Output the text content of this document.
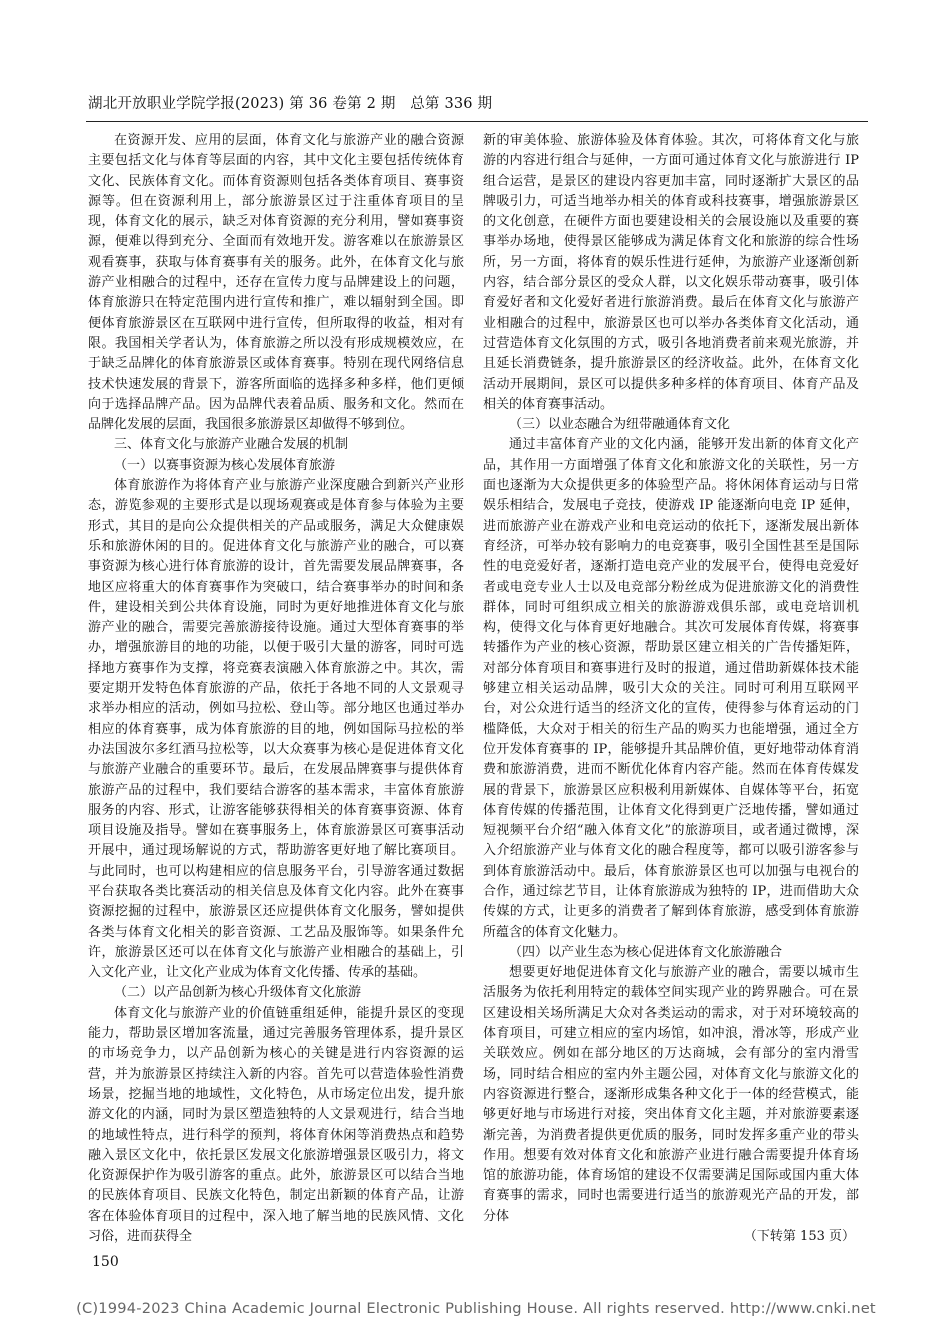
湖北开放职业学院学报(2023) 第 36 卷第 2 期　总第 336 期

在资源开发、应用的层面，体育文化与旅游产业的融合资源主要包括文化与体育等层面的内容，其中文化主要包括传统体育文化、民族体育文化。而体育资源则包括各类体育项目、赛事资源等。但在资源利用上，部分旅游景区过于注重体育项目的呈现，体育文化的展示，缺乏对体育资源的充分利用，譬如赛事资源，便难以得到充分、全面而有效地开发。游客难以在旅游景区观看赛事，获取与体育赛事有关的服务。此外，在体育文化与旅游产业相融合的过程中，还存在宣传力度与品牌建设上的问题，体育旅游只在特定范围内进行宣传和推广，难以辐射到全国。即便体育旅游景区在互联网中进行宣传，但所取得的收益，相对有限。我国相关学者认为，体育旅游之所以没有形成规模效应，在于缺乏品牌化的体育旅游景区或体育赛事。特别在现代网络信息技术快速发展的背景下，游客所面临的选择多种多样，他们更倾向于选择品牌产品。因为品牌代表着品质、服务和文化。然而在品牌化发展的层面，我国很多旅游景区却做得不够到位。

三、体育文化与旅游产业融合发展的机制

（一）以赛事资源为核心发展体育旅游

体育旅游作为将体育产业与旅游产业深度融合到新兴产业形态，游览参观的主要形式是以现场观赛或是体育参与体验为主要形式，其目的是向公众提供相关的产品或服务，满足大众健康娱乐和旅游休闲的目的。促进体育文化与旅游产业的融合，可以赛事资源为核心进行体育旅游的设计，首先需要发展品牌赛事，各地区应将重大的体育赛事作为突破口，结合赛事举办的时间和条件，建设相关到公共体育设施，同时为更好地推进体育文化与旅游产业的融合，需要完善旅游接待设施。通过大型体育赛事的举办，增强旅游目的地的功能，以便于吸引大量的游客，同时可选择地方赛事作为支撑，将竞赛表演融入体育旅游之中。其次，需要定期开发特色体育旅游的产品，依托于各地不同的人文景观寻求举办相应的活动，例如马拉松、登山等。部分地区也通过举办相应的体育赛事，成为体育旅游的目的地，例如国际马拉松的举办法国波尔多红酒马拉松等，以大众赛事为核心是促进体育文化与旅游产业融合的重要环节。最后，在发展品牌赛事与提供体育旅游产品的过程中，我们要结合游客的基本需求，丰富体育旅游服务的内容、形式，让游客能够获得相关的体育赛事资源、体育项目设施及指导。譬如在赛事服务上，体育旅游景区可赛事活动开展中，通过现场解说的方式，帮助游客更好地了解比赛项目。与此同时，也可以构建相应的信息服务平台，引导游客通过数据平台获取各类比赛活动的相关信息及体育文化内容。此外在赛事资源挖掘的过程中，旅游景区还应提供体育文化服务，譬如提供各类与体育文化相关的影音资源、工艺品及服饰等。如果条件允许，旅游景区还可以在体育文化与旅游产业相融合的基础上，引入文化产业，让文化产业成为体育文化传播、传承的基础。

（二）以产品创新为核心升级体育文化旅游

体育文化与旅游产业的价值链重组延伸，能提升景区的变现能力，帮助景区增加客流量，通过完善服务管理体系，提升景区的市场竞争力，以产品创新为核心的关键是进行内容资源的运营，并为旅游景区持续注入新的内容。首先可以营造体验性消费场景，挖掘当地的地域性，文化特色，从市场定位出发，提升旅游文化的内涵，同时为景区塑造独特的人文景观进行，结合当地的地域性特点，进行科学的预判，将体育休闲等消费热点和趋势融入景区文化中，依托景区发展文化旅游增强景区吸引力，将文化资源保护作为吸引游客的重点。此外，旅游景区可以结合当地的民族体育项目、民族文化特色，制定出新颖的体育产品，让游客在体验体育项目的过程中，深入地了解当地的民族风情、文化习俗，进而获得全

新的审美体验、旅游体验及体育体验。其次，可将体育文化与旅游的内容进行组合与延伸，一方面可通过体育文化与旅游进行 IP 组合运营，是景区的建设内容更加丰富，同时逐渐扩大景区的品牌吸引力，可适当地举办相关的体育或科技赛事，增强旅游景区的文化创意，在硬件方面也要建设相关的会展设施以及重要的赛事举办场地，使得景区能够成为满足体育文化和旅游的综合性场所，另一方面，将体育的娱乐性进行延伸，为旅游产业逐渐创新内容，结合部分景区的受众人群，以文化娱乐带动赛事，吸引体育爱好者和文化爱好者进行旅游消费。最后在体育文化与旅游产业相融合的过程中，旅游景区也可以举办各类体育文化活动，通过营造体育文化氛围的方式，吸引各地消费者前来观光旅游，并且延长消费链条，提升旅游景区的经济收益。此外，在体育文化活动开展期间，景区可以提供多种多样的体育项目、体育产品及相关的体育赛事活动。

（三）以业态融合为纽带融通体育文化

通过丰富体育产业的文化内涵，能够开发出新的体育文化产品，其作用一方面增强了体育文化和旅游文化的关联性，另一方面也逐渐为大众提供更多的体验型产品。将休闲体育运动与日常娱乐相结合，发展电子竞技，使游戏 IP 能逐渐向电竞 IP 延伸，进而旅游产业在游戏产业和电竞运动的依托下，逐渐发展出新体育经济，可举办较有影响力的电竞赛事，吸引全国性甚至是国际性的电竞爱好者，逐渐打造电竞产业的发展平台，使得电竞爱好者或电竞专业人士以及电竞部分粉丝成为促进旅游文化的消费性群体，同时可组织成立相关的旅游游戏俱乐部，或电竞培训机构，使得文化与体育更好地融合。其次可发展体育传媒，将赛事转播作为产业的核心资源，帮助景区建立相关的广告传播矩阵，对部分体育项目和赛事进行及时的报道，通过借助新媒体技术能够建立相关运动品牌，吸引大众的关注。同时可利用互联网平台，对公众进行适当的经济文化的宣传，使得参与体育运动的门槛降低，大众对于相关的衍生产品的购买力也能增强，通过全方位开发体育赛事的 IP，能够提升其品牌价值，更好地带动体育消费和旅游消费，进而不断优化体育内容产能。然而在体育传媒发展的背景下，旅游景区应积极利用新媒体、自媒体等平台，拓宽体育传媒的传播范围，让体育文化得到更广泛地传播，譬如通过短视频平台介绍“融入体育文化”的旅游项目，或者通过微博，深入介绍旅游产业与体育文化的融合程度等，都可以吸引游客参与到体育旅游活动中。最后，体育旅游景区也可以加强与电视台的合作，通过综艺节目，让体育旅游成为独特的 IP，进而借助大众传媒的方式，让更多的消费者了解到体育旅游，感受到体育旅游所蕴含的体育文化魅力。

（四）以产业生态为核心促进体育文化旅游融合

想要更好地促进体育文化与旅游产业的融合，需要以城市生活服务为依托利用特定的载体空间实现产业的跨界融合。可在景区建设相关场所满足大众对各类运动的需求，对于对环境较高的体育项目，可建立相应的室内场馆，如冲浪，滑冰等，形成产业关联效应。例如在部分地区的万达商城，会有部分的室内滑雪场，同时结合相应的室内外主题公园，对体育文化与旅游文化的内容资源进行整合，逐渐形成集各种文化于一体的经营模式，能够更好地与市场进行对接，突出体育文化主题，并对旅游要素逐渐完善，为消费者提供更优质的服务，同时发挥多重产业的带头作用。想要有效对体育文化和旅游产业进行融合需要提升体育场馆的旅游功能，体育场馆的建设不仅需要满足国际或国内重大体育赛事的需求，同时也需要进行适当的旅游观光产品的开发，部分体

（下转第 153 页）

150
(C)1994-2023 China Academic Journal Electronic Publishing House. All rights reserved. http://www.cnki.net
